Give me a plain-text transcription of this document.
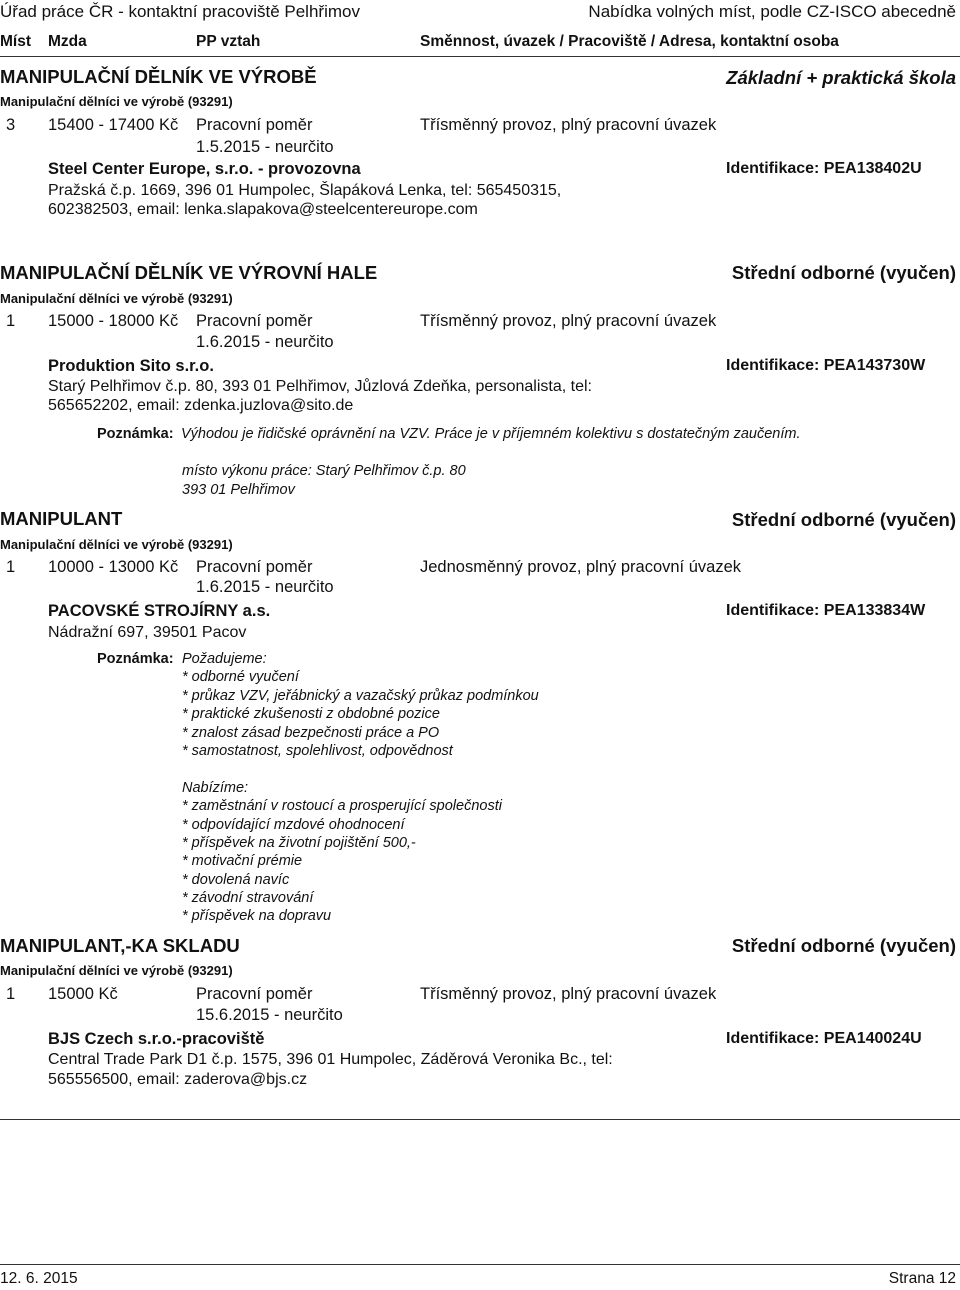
Úřad práce ČR - kontaktní pracoviště Pelhřimov	Nabídka volných míst, podle CZ-ISCO abecedně
Míst Mzda	PP vztah	Směnnost, úvazek / Pracoviště / Adresa, kontaktní osoba
MANIPULAČNÍ DĚLNÍK VE VÝROBĚ	Základní + praktická škola
Manipulační dělníci ve výrobě (93291)
3 15400 - 17400 Kč Pracovní poměr	Třísměnný provoz, plný pracovní úvazek
1.5.2015 - neurčito
Steel Center Europe, s.r.o. - provozovna	Identifikace: PEA138402U
Pražská č.p. 1669, 396 01 Humpolec, Šlapáková Lenka, tel: 565450315,
602382503, email: lenka.slapakova@steelcentereurope.com
MANIPULAČNÍ DĚLNÍK VE VÝROVNÍ HALE	Střední odborné (vyučen)
Manipulační dělníci ve výrobě (93291)
1 15000 - 18000 Kč Pracovní poměr	Třísměnný provoz, plný pracovní úvazek
1.6.2015 - neurčito
Produktion Sito s.r.o.	Identifikace: PEA143730W
Starý Pelhřimov č.p. 80, 393 01 Pelhřimov, Jůzlová Zdeňka, personalista, tel:
565652202, email: zdenka.juzlova@sito.de
Poznámka: Výhodou je řidičské oprávnění na VZV. Práce je v příjemném kolektivu s dostatečným zaučením.
místo výkonu práce: Starý Pelhřimov č.p. 80
393 01 Pelhřimov
MANIPULANT	Střední odborné (vyučen)
Manipulační dělníci ve výrobě (93291)
1 10000 - 13000 Kč Pracovní poměr	Jednosměnný provoz, plný pracovní úvazek
1.6.2015 - neurčito
PACOVSKÉ STROJÍRNY a.s.	Identifikace: PEA133834W
Nádražní 697, 39501 Pacov
Poznámka: Požadujeme:
* odborné vyučení
* průkaz VZV, jeřábnický a vazačský průkaz podmínkou
* praktické zkušenosti z obdobné pozice
* znalost zásad bezpečnosti práce a PO
* samostatnost, spolehlivost, odpovědnost
Nabízíme:
* zaměstnání v rostoucí a prosperující společnosti
* odpovídající mzdové ohodnocení
* příspěvek na životní pojištění 500,-
* motivační prémie
* dovolená navíc
* závodní stravování
* příspěvek na dopravu
MANIPULANT,-KA SKLADU	Střední odborné (vyučen)
Manipulační dělníci ve výrobě (93291)
1 15000 Kč	Pracovní poměr	Třísměnný provoz, plný pracovní úvazek
15.6.2015 - neurčito
BJS Czech s.r.o.-pracoviště	Identifikace: PEA140024U
Central Trade Park D1 č.p. 1575, 396 01 Humpolec, Záděrová Veronika Bc., tel:
565556500, email: zaderova@bjs.cz
12. 6. 2015	Strana 12
